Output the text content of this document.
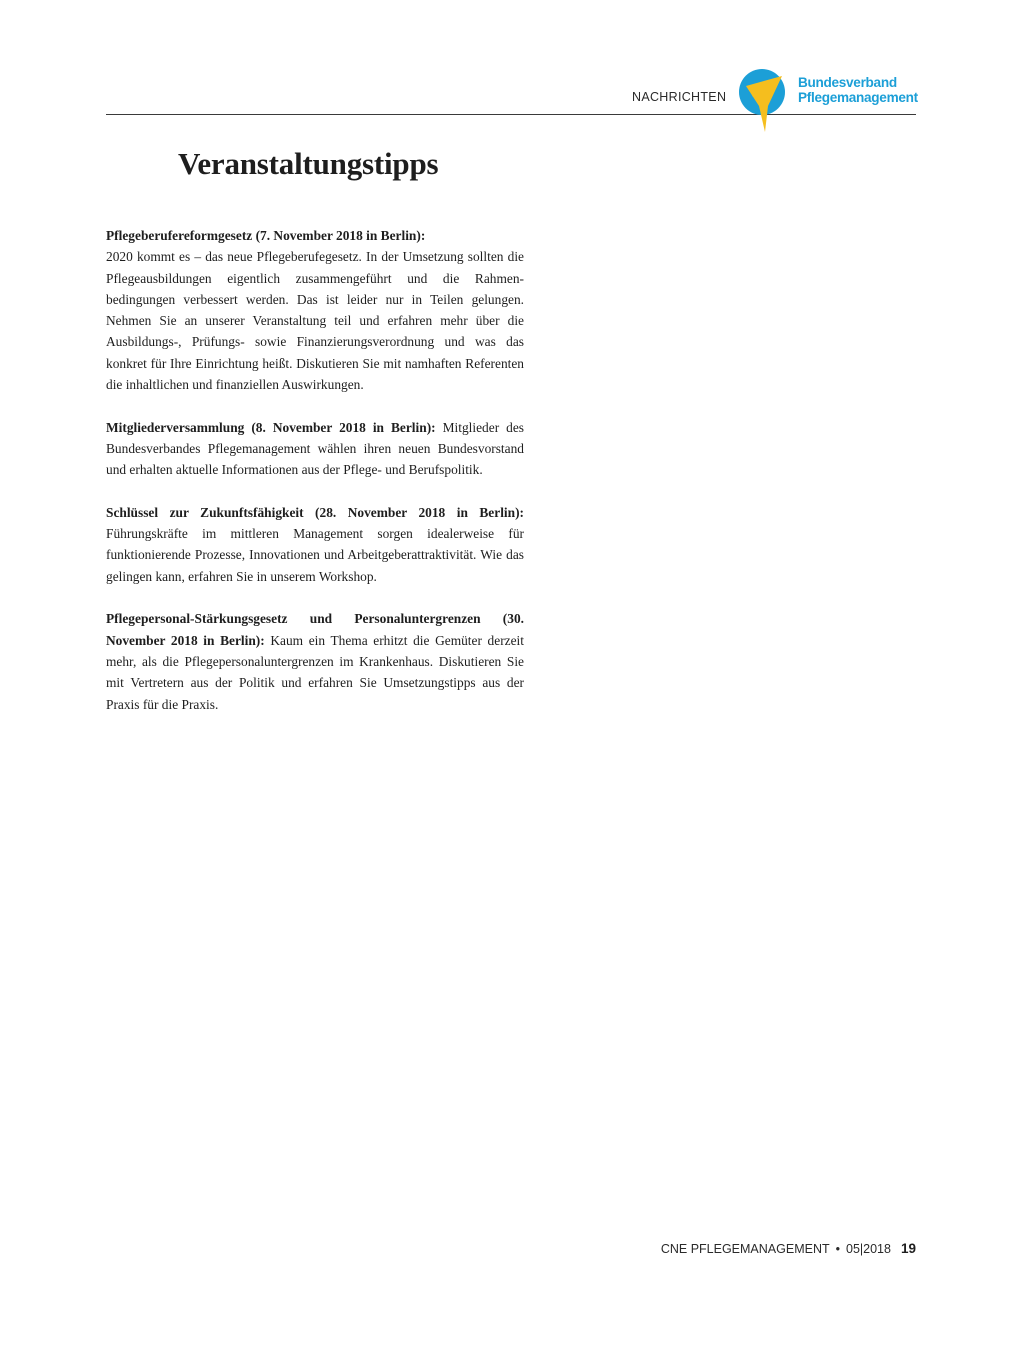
NACHRICHTEN
Bundesverband
Pflegemanagement
Veranstaltungstipps

Pflegeberufereformgesetz (7. November 2018 in Berlin):
2020 kommt es – das neue Pflegeberufegesetz. In der Umsetzung sollten die Pflegeausbildungen eigentlich zusammengeführt und die Rahmenbedingungen verbessert werden. Das ist leider nur in Teilen gelungen. Nehmen Sie an unserer Veranstaltung teil und erfahren mehr über die Ausbildungs-, Prüfungs- sowie Finanzierungsverordnung und was das konkret für Ihre Einrichtung heißt. Diskutieren Sie mit namhaften Referenten die inhaltlichen und finanziellen Auswirkungen.

Mitgliederversammlung (8. November 2018 in Berlin): Mitglieder des Bundesverbandes Pflegemanagement wählen ihren neuen Bundesvorstand und erhalten aktuelle Informationen aus der Pflege- und Berufspolitik.

Schlüssel zur Zukunftsfähigkeit (28. November 2018 in Berlin): Führungskräfte im mittleren Management sorgen idealerweise für funktionierende Prozesse, Innovationen und Arbeitgeberattraktivität. Wie das gelingen kann, erfahren Sie in unserem Workshop.

Pflegepersonal-Stärkungsgesetz und Personaluntergrenzen (30. November 2018 in Berlin): Kaum ein Thema erhitzt die Gemüter derzeit mehr, als die Pflegepersonaluntergrenzen im Krankenhaus. Diskutieren Sie mit Vertretern aus der Politik und erfahren Sie Umsetzungstipps aus der Praxis für die Praxis.

CNE PFLEGEMANAGEMENT • 05|2018 19
